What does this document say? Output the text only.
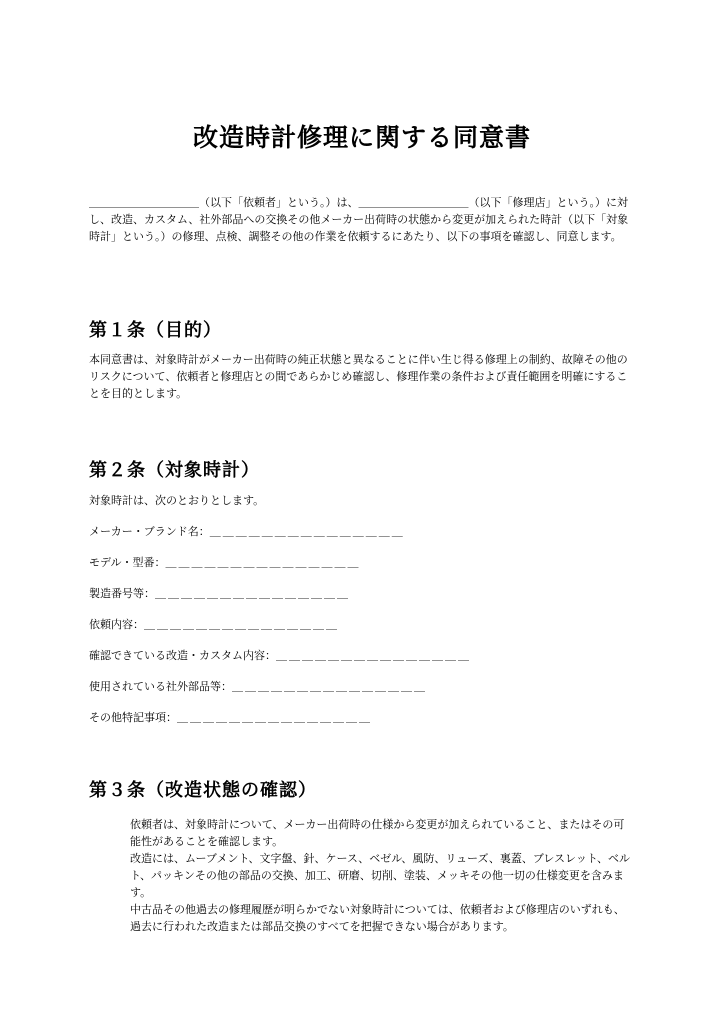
改造時計修理に関する同意書
＿＿＿＿＿＿＿＿＿＿（以下「依頼者」という。）は、＿＿＿＿＿＿＿＿＿＿（以下「修理店」という。）に対し、改造、カスタム、社外部品への交換その他メーカー出荷時の状態から変更が加えられた時計（以下「対象時計」という。）の修理、点検、調整その他の作業を依頼するにあたり、以下の事項を確認し、同意します。
第１条（目的）
本同意書は、対象時計がメーカー出荷時の純正状態と異なることに伴い生じ得る修理上の制約、故障その他のリスクについて、依頼者と修理店との間であらかじめ確認し、修理作業の条件および責任範囲を明確にすることを目的とします。
第２条（対象時計）
対象時計は、次のとおりとします。
メーカー・ブランド名：＿＿＿＿＿＿＿＿＿＿＿＿＿＿＿
モデル・型番：＿＿＿＿＿＿＿＿＿＿＿＿＿＿＿
製造番号等：＿＿＿＿＿＿＿＿＿＿＿＿＿＿＿
依頼内容：＿＿＿＿＿＿＿＿＿＿＿＿＿＿＿
確認できている改造・カスタム内容：＿＿＿＿＿＿＿＿＿＿＿＿＿＿＿
使用されている社外部品等：＿＿＿＿＿＿＿＿＿＿＿＿＿＿＿
その他特記事項：＿＿＿＿＿＿＿＿＿＿＿＿＿＿＿
第３条（改造状態の確認）
依頼者は、対象時計について、メーカー出荷時の仕様から変更が加えられていること、またはその可能性があることを確認します。
改造には、ムーブメント、文字盤、針、ケース、ベゼル、風防、リューズ、裏蓋、ブレスレット、ベルト、パッキンその他の部品の交換、加工、研磨、切削、塗装、メッキその他一切の仕様変更を含みます。
中古品その他過去の修理履歴が明らかでない対象時計については、依頼者および修理店のいずれも、過去に行われた改造または部品交換のすべてを把握できない場合があります。
